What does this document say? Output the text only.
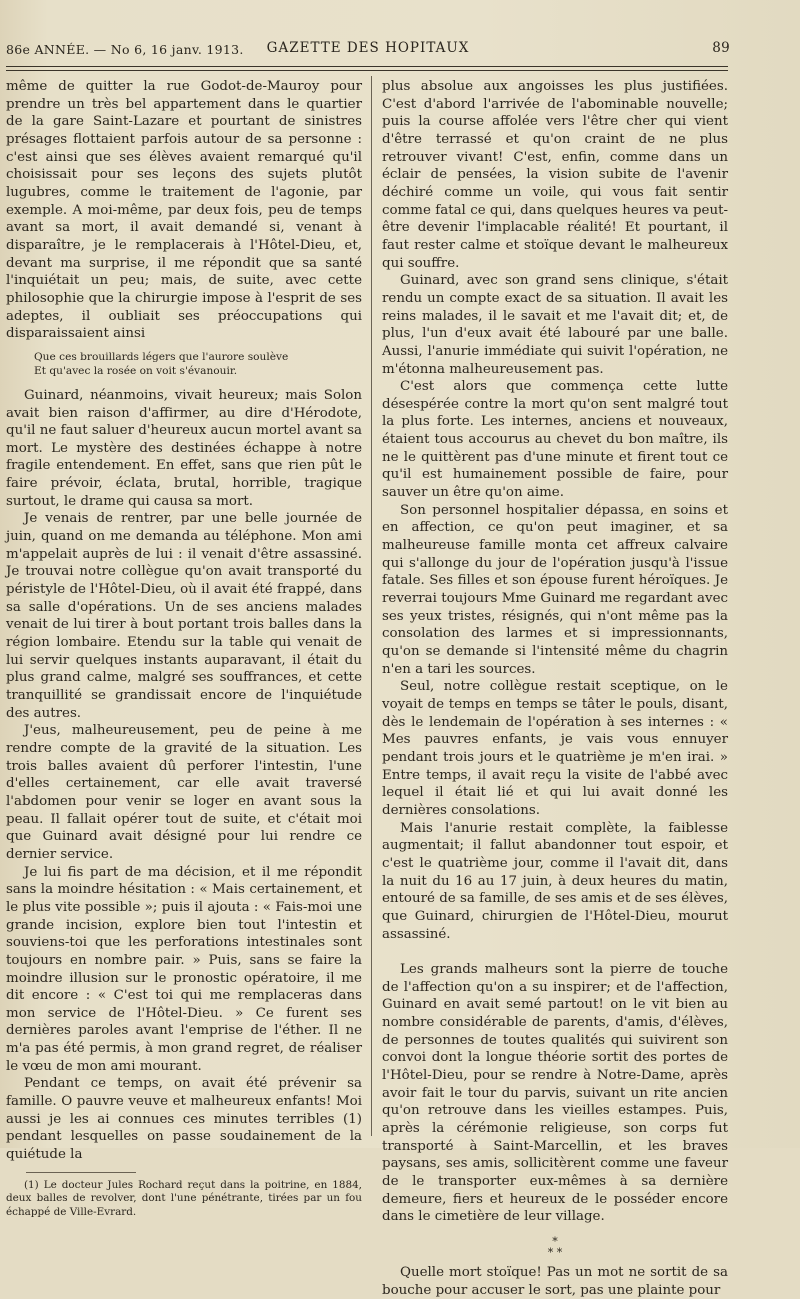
86e ANNÉE. — No 6, 16 janv. 1913.	GAZETTE DES HOPITAUX	89

même de quitter la rue Godot-de-Mauroy pour prendre un très bel appartement dans le quartier de la gare Saint-Lazare et pourtant de sinistres présages flottaient parfois autour de sa personne : c'est ainsi que ses élèves avaient remarqué qu'il choisissait pour ses leçons des sujets plutôt lugubres, comme le traitement de l'agonie, par exemple. A moi-même, par deux fois, peu de temps avant sa mort, il avait demandé si, venant à disparaître, je le remplacerais à l'Hôtel-Dieu, et, devant ma surprise, il me répondit que sa santé l'inquiétait un peu; mais, de suite, avec cette philosophie que la chirurgie impose à l'esprit de ses adeptes, il oubliait ses préoccupations qui disparaissaient ainsi

Que ces brouillards légers que l'aurore soulève
Et qu'avec la rosée on voit s'évanouir.

Guinard, néanmoins, vivait heureux; mais Solon avait bien raison d'affirmer, au dire d'Hérodote, qu'il ne faut saluer d'heureux aucun mortel avant sa mort. Le mystère des destinées échappe à notre fragile entendement. En effet, sans que rien pût le faire prévoir, éclata, brutal, horrible, tragique surtout, le drame qui causa sa mort.

Je venais de rentrer, par une belle journée de juin, quand on me demanda au téléphone. Mon ami m'appelait auprès de lui : il venait d'être assassiné. Je trouvai notre collègue qu'on avait transporté du péristyle de l'Hôtel-Dieu, où il avait été frappé, dans sa salle d'opérations. Un de ses anciens malades venait de lui tirer à bout portant trois balles dans la région lombaire. Etendu sur la table qui venait de lui servir quelques instants auparavant, il était du plus grand calme, malgré ses souffrances, et cette tranquillité se grandissait encore de l'inquiétude des autres.

J'eus, malheureusement, peu de peine à me rendre compte de la gravité de la situation. Les trois balles avaient dû perforer l'intestin, l'une d'elles certainement, car elle avait traversé l'abdomen pour venir se loger en avant sous la peau. Il fallait opérer tout de suite, et c'était moi que Guinard avait désigné pour lui rendre ce dernier service.

Je lui fis part de ma décision, et il me répondit sans la moindre hésitation : « Mais certainement, et le plus vite possible »; puis il ajouta : « Fais-moi une grande incision, explore bien tout l'intestin et souviens-toi que les perforations intestinales sont toujours en nombre pair. » Puis, sans se faire la moindre illusion sur le pronostic opératoire, il me dit encore : « C'est toi qui me remplaceras dans mon service de l'Hôtel-Dieu. » Ce furent ses dernières paroles avant l'emprise de l'éther. Il ne m'a pas été permis, à mon grand regret, de réaliser le vœu de mon ami mourant.

Pendant ce temps, on avait été prévenir sa famille. O pauvre veuve et malheureux enfants! Moi aussi je les ai connues ces minutes terribles (1) pendant lesquelles on passe soudainement de la quiétude la

(1) Le docteur Jules Rochard reçut dans la poitrine, en 1884, deux balles de revolver, dont l'une pénétrante, tirées par un fou échappé de Ville-Evrard.

plus absolue aux angoisses les plus justifiées. C'est d'abord l'arrivée de l'abominable nouvelle; puis la course affolée vers l'être cher qui vient d'être terrassé et qu'on craint de ne plus retrouver vivant! C'est, enfin, comme dans un éclair de pensées, la vision subite de l'avenir déchiré comme un voile, qui vous fait sentir comme fatal ce qui, dans quelques heures va peut-être devenir l'implacable réalité! Et pourtant, il faut rester calme et stoïque devant le malheureux qui souffre.

Guinard, avec son grand sens clinique, s'était rendu un compte exact de sa situation. Il avait les reins malades, il le savait et me l'avait dit; et, de plus, l'un d'eux avait été labouré par une balle. Aussi, l'anurie immédiate qui suivit l'opération, ne m'étonna malheureusement pas.

C'est alors que commença cette lutte désespérée contre la mort qu'on sent malgré tout la plus forte. Les internes, anciens et nouveaux, étaient tous accourus au chevet du bon maître, ils ne le quittèrent pas d'une minute et firent tout ce qu'il est humainement possible de faire, pour sauver un être qu'on aime.

Son personnel hospitalier dépassa, en soins et en affection, ce qu'on peut imaginer, et sa malheureuse famille monta cet affreux calvaire qui s'allonge du jour de l'opération jusqu'à l'issue fatale. Ses filles et son épouse furent héroïques. Je reverrai toujours Mme Guinard me regardant avec ses yeux tristes, résignés, qui n'ont même pas la consolation des larmes et si impressionnants, qu'on se demande si l'intensité même du chagrin n'en a tari les sources.

Seul, notre collègue restait sceptique, on le voyait de temps en temps se tâter le pouls, disant, dès le lendemain de l'opération à ses internes : « Mes pauvres enfants, je vais vous ennuyer pendant trois jours et le quatrième je m'en irai. » Entre temps, il avait reçu la visite de l'abbé avec lequel il était lié et qui lui avait donné les dernières consolations.

Mais l'anurie restait complète, la faiblesse augmentait; il fallut abandonner tout espoir, et c'est le quatrième jour, comme il l'avait dit, dans la nuit du 16 au 17 juin, à deux heures du matin, entouré de sa famille, de ses amis et de ses élèves, que Guinard, chirurgien de l'Hôtel-Dieu, mourut assassiné.

Les grands malheurs sont la pierre de touche de l'affection qu'on a su inspirer; et de l'affection, Guinard en avait semé partout! on le vit bien au nombre considérable de parents, d'amis, d'élèves, de personnes de toutes qualités qui suivirent son convoi dont la longue théorie sortit des portes de l'Hôtel-Dieu, pour se rendre à Notre-Dame, après avoir fait le tour du parvis, suivant un rite ancien qu'on retrouve dans les vieilles estampes. Puis, après la cérémonie religieuse, son corps fut transporté à Saint-Marcellin, et les braves paysans, ses amis, sollicitèrent comme une faveur de le transporter eux-mêmes à sa dernière demeure, fiers et heureux de le posséder encore dans le cimetière de leur village.

*
* *

Quelle mort stoïque! Pas un mot ne sortit de sa bouche pour accuser le sort, pas une plainte pour
